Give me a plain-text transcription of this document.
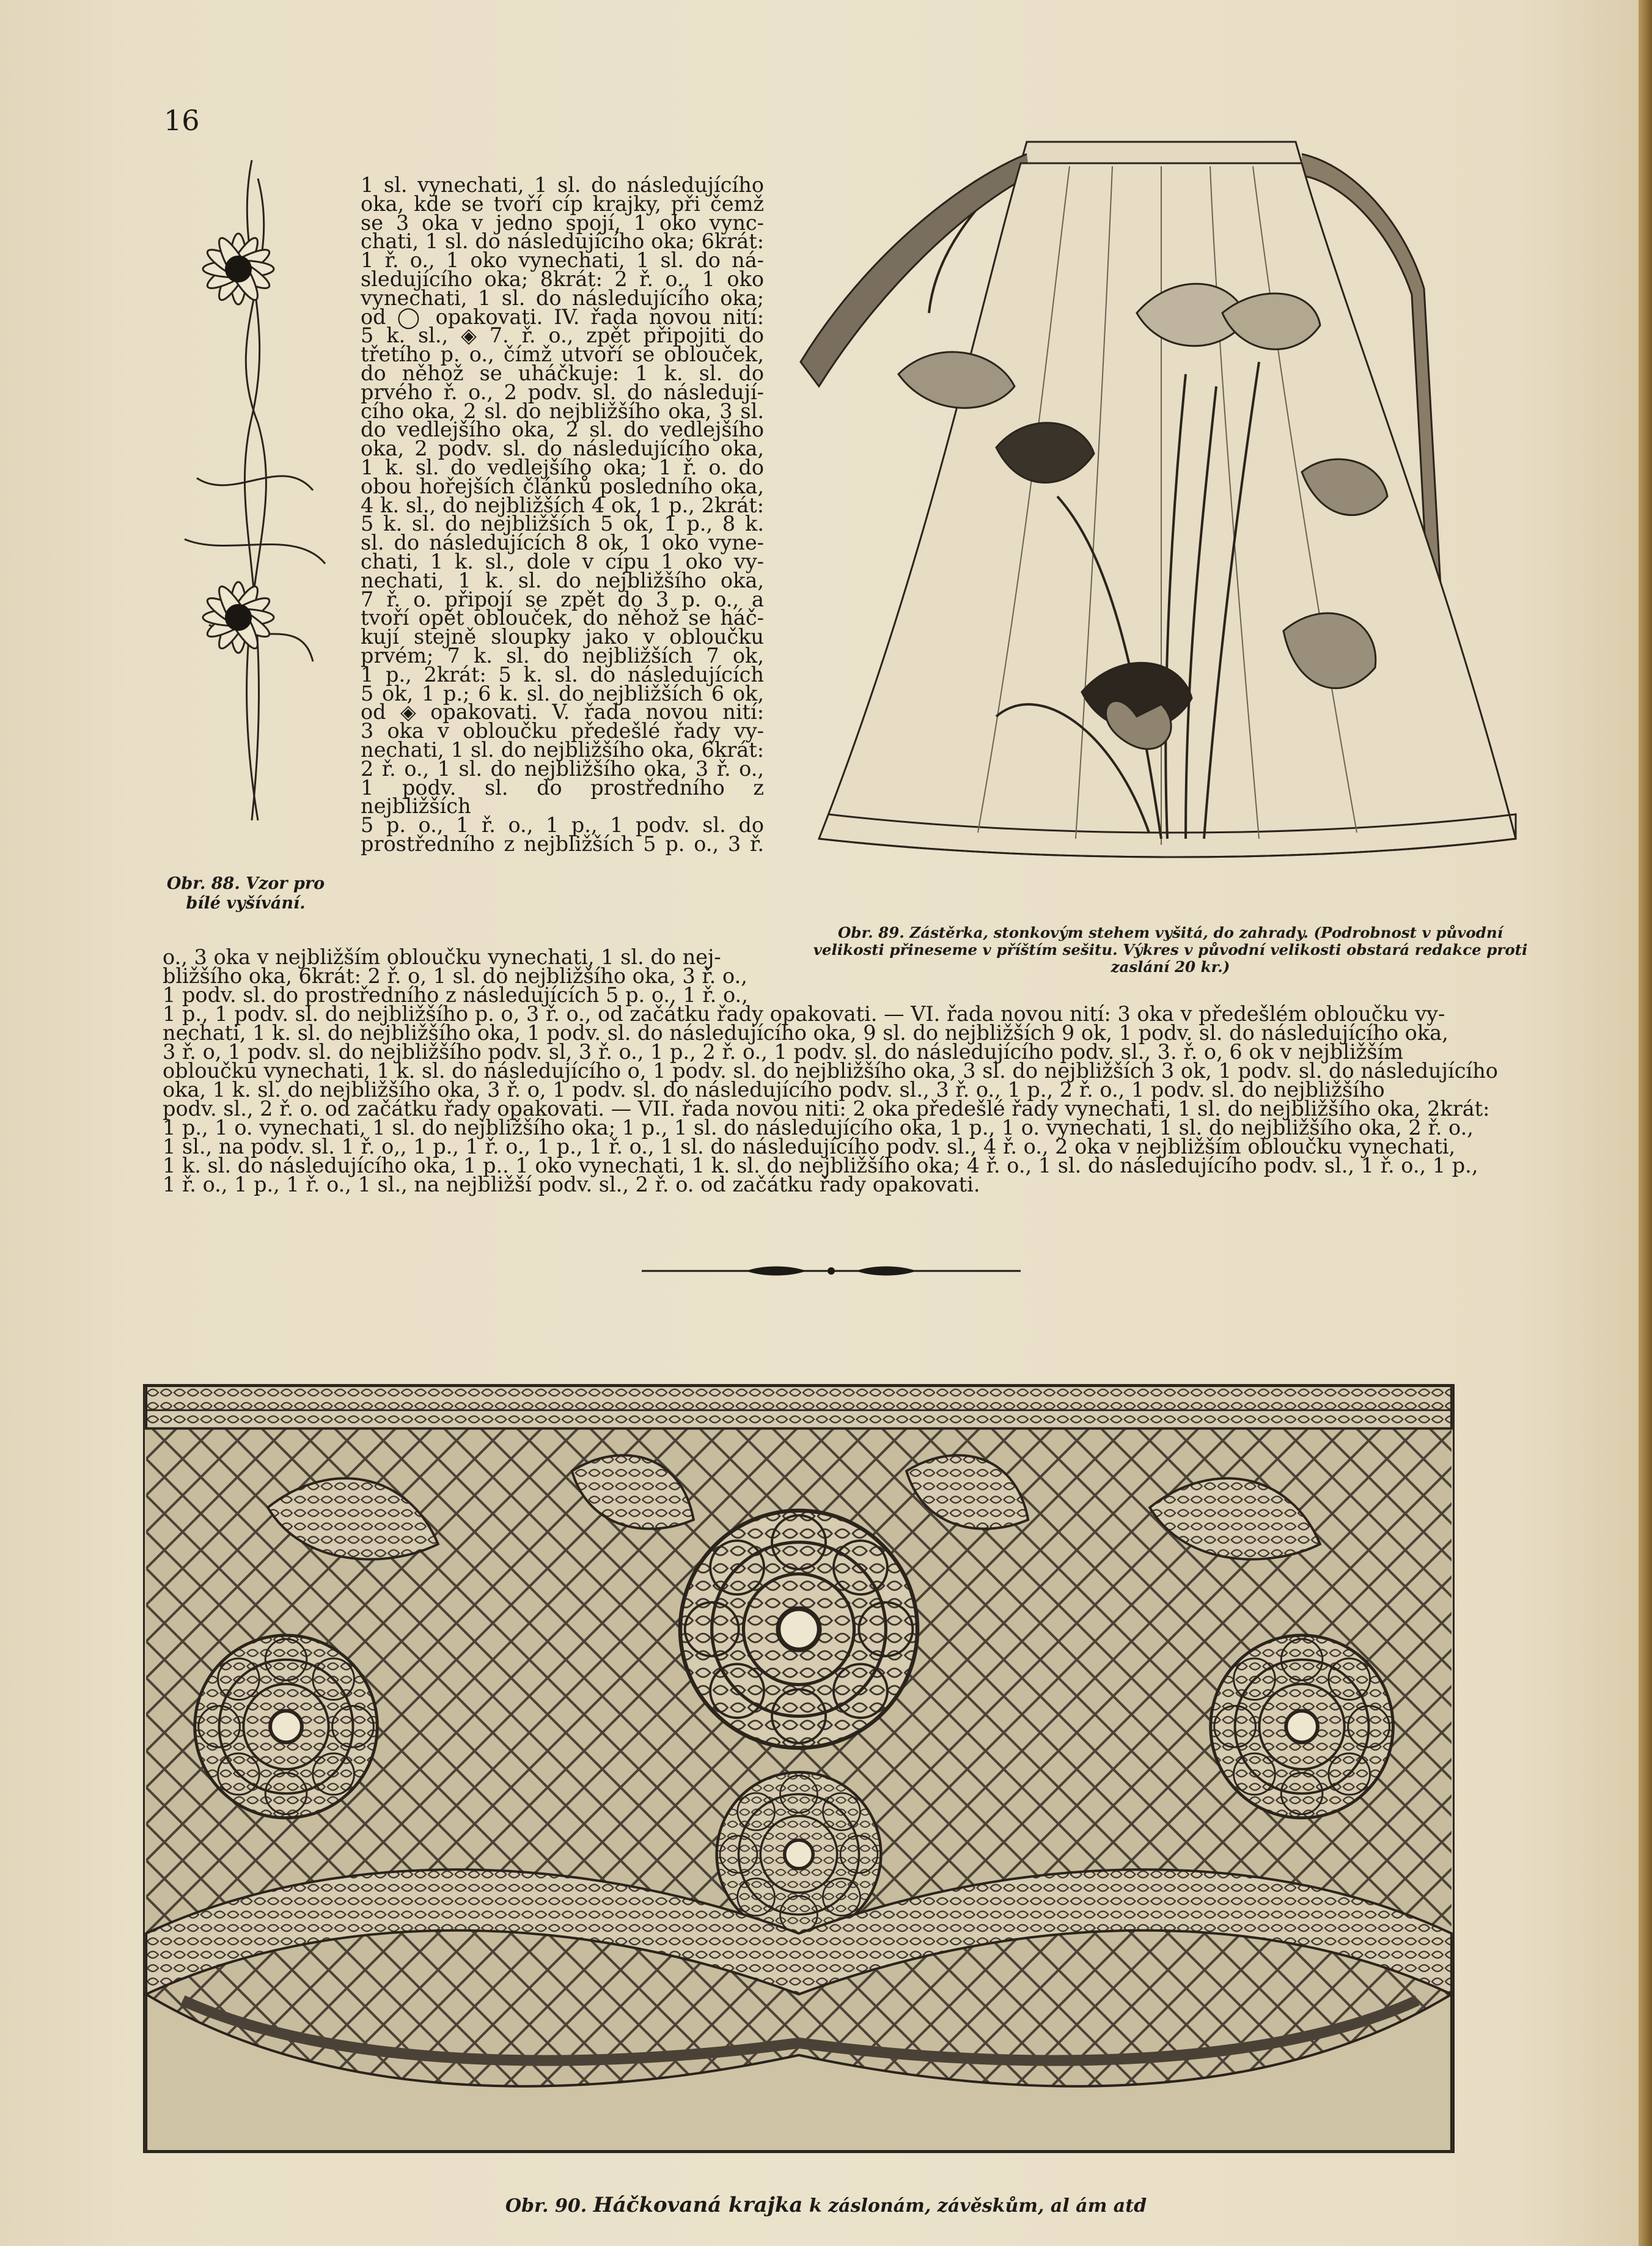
16
Obr. 88. Vzor pro
bílé vyšívání.

1 sl. vynechati, 1 sl. do následujícího

oka, kde se tvoří cíp krajky, při čemž

se 3 oka v jedno spojí, 1 oko vync-

chati, 1 sl. do následujícího oka; 6krát:

1 ř. o., 1 oko vynechati, 1 sl. do ná-

sledujícího oka; 8krát: 2 ř. o., 1 oko

vynechati, 1 sl. do následujícího oka;

od ◯ opakovati. IV. řada novou nití:

5 k. sl., ◈ 7. ř. o., zpět připojiti do

třetího p. o., čímž utvoří se oblouček,

do něhož se uháčkuje: 1 k. sl. do

prvého ř. o., 2 podv. sl. do následují-

cího oka, 2 sl. do nejbližšího oka, 3 sl.

do vedlejšího oka, 2 sl. do vedlejšího

oka, 2 podv. sl. do následujícího oka,

1 k. sl. do vedlejšího oka; 1 ř. o. do

obou hořejších článků posledního oka,

4 k. sl., do nejbližších 4 ok, 1 p., 2krát:

5 k. sl. do nejbližších 5 ok, 1 p., 8 k.

sl. do následujících 8 ok, 1 oko vyne-

chati, 1 k. sl., dole v cípu 1 oko vy-

nechati, 1 k. sl. do nejbližšího oka,

7 ř. o. připojí se zpět do 3 p. o., a

tvoří opět oblouček, do něhož se háč-

kují stejně sloupky jako v obloučku

prvém; 7 k. sl. do nejbližších 7 ok,

1 p., 2krát: 5 k. sl. do následujících

5 ok, 1 p.; 6 k. sl. do nejbližších 6 ok,

od ◈ opakovati. V. řada novou nití:

3 oka v obloučku předešlé řady vy-

nechati, 1 sl. do nejbližšího oka, 6krát:

2 ř. o., 1 sl. do nejbližšího oka, 3 ř. o.,

1 podv. sl. do prostředního z nejbližších

5 p. o., 1 ř. o., 1 p., 1 podv. sl. do

prostředního z nejbližších 5 p. o., 3 ř.

Obr. 89. Zástěrka, stonkovým stehem vyšitá, do zahrady. (Podrobnost v původní
velikosti přineseme v příštím sešitu. Výkres v původní velikosti obstará redakce proti
zaslání 20 kr.)

o., 3 oka v nejbližším obloučku vynechati, 1 sl. do nej-

bližšího oka, 6krát: 2 ř. o, 1 sl. do nejbližšího oka, 3 ř. o.,

1 podv. sl. do prostředního z následujících 5 p. o., 1 ř. o.,

1 p., 1 podv. sl. do nejbližšího p. o, 3 ř. o., od začátku řady opakovati. — VI. řada novou nití: 3 oka v předešlém obloučku vy-

nechati, 1 k. sl. do nejbližšího oka, 1 podv. sl. do následujícího oka, 9 sl. do nejbližších 9 ok, 1 podv. sl. do následujícího oka,

3 ř. o, 1 podv. sl. do nejbližšího podv. sl, 3 ř. o., 1 p., 2 ř. o., 1 podv. sl. do následujícího podv. sl., 3. ř. o, 6 ok v nejbližším

obloučku vynechati, 1 k. sl. do následujícího o, 1 podv. sl. do nejbližšího oka, 3 sl. do nejbližších 3 ok, 1 podv. sl. do následujícího

oka, 1 k. sl. do nejbližšího oka, 3 ř. o, 1 podv. sl. do následujícího podv. sl., 3 ř. o., 1 p., 2 ř. o., 1 podv. sl. do nejbližšího

podv. sl., 2 ř. o. od začátku řady opakovati. — VII. řada novou niti: 2 oka předešlé řady vynechati, 1 sl. do nejbližšího oka, 2krát:

1 p., 1 o. vynechati, 1 sl. do nejbližšího oka; 1 p., 1 sl. do následujícího oka, 1 p., 1 o. vynechati, 1 sl. do nejbližšího oka, 2 ř. o.,

1 sl., na podv. sl. 1 ř. o,, 1 p., 1 ř. o., 1 p., 1 ř. o., 1 sl. do následujícího podv. sl., 4 ř. o., 2 oka v nejbližším obloučku vynechati,

1 k. sl. do následujícího oka, 1 p.. 1 oko vynechati, 1 k. sl. do nejbližšího oka; 4 ř. o., 1 sl. do následujícího podv. sl., 1 ř. o., 1 p.,

1 ř. o., 1 p., 1 ř. o., 1 sl., na nejbližší podv. sl., 2 ř. o. od začátku řady opakovati.

Obr. 90. Háčkovaná krajka k záslonám, závěskům, al ám atd
